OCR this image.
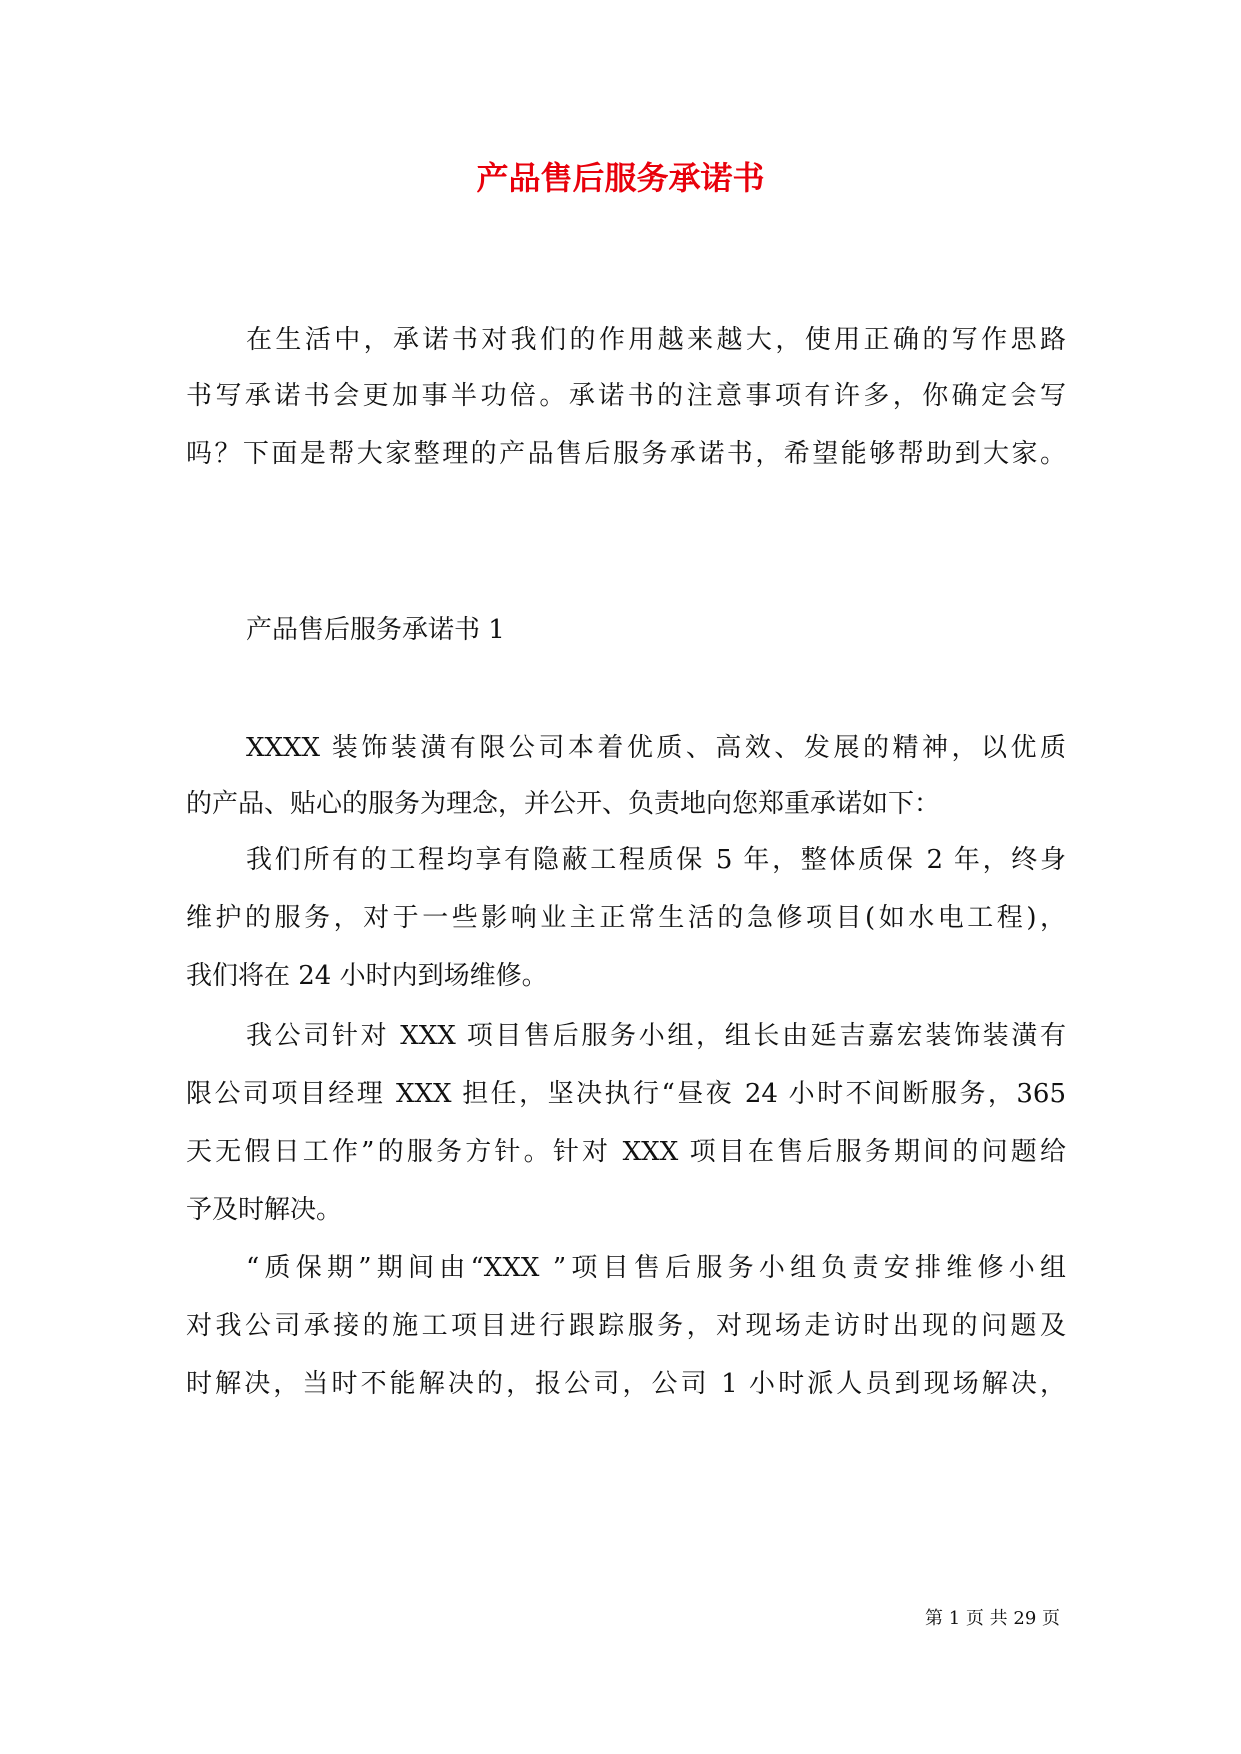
产品售后服务承诺书

在生活中，承诺书对我们的作用越来越大，使用正确的写作思路

书写承诺书会更加事半功倍。承诺书的注意事项有许多，你确定会写

吗？下面是帮大家整理的产品售后服务承诺书，希望能够帮助到大家。

产品售后服务承诺书 1

XXXX 装饰装潢有限公司本着优质、高效、发展的精神，以优质

的产品、贴心的服务为理念，并公开、负责地向您郑重承诺如下：

我们所有的工程均享有隐蔽工程质保 5 年，整体质保 2 年，终身

维护的服务，对于一些影响业主正常生活的急修项目(如水电工程)，

我们将在 24 小时内到场维修。

我公司针对 XXX 项目售后服务小组，组长由延吉嘉宏装饰装潢有

限公司项目经理 XXX 担任，坚决执行“昼夜 24 小时不间断服务，365

天无假日工作”的服务方针。针对 XXX 项目在售后服务期间的问题给

予及时解决。

“质保期”期间由“XXX ”项目售后服务小组负责安排维修小组

对我公司承接的施工项目进行跟踪服务，对现场走访时出现的问题及

时解决，当时不能解决的，报公司，公司 1 小时派人员到现场解决，

第 1 页 共 29 页
